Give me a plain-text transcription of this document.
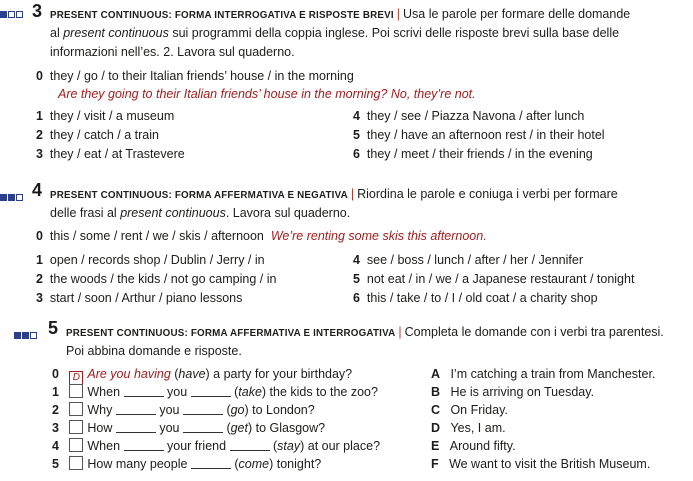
3 PRESENT CONTINUOUS: FORMA INTERROGATIVA E RISPOSTE BREVI | Usa le parole per formare delle domande
al present continuous sui programmi della coppia inglese. Poi scrivi delle risposte brevi sulla base delle
informazioni nell’es. 2. Lavora sul quaderno.
0 they / go / to their Italian friends’ house / in the morning
Are they going to their Italian friends’ house in the morning? No, they’re not.
1 they / visit / a museum
2 they / catch / a train
3 they / eat / at Trastevere
4 they / see / Piazza Navona / after lunch
5 they / have an afternoon rest / in their hotel
6 they / meet / their friends / in the evening
4 PRESENT CONTINUOUS: FORMA AFFERMATIVA E NEGATIVA | Riordina le parole e coniuga i verbi per formare
delle frasi al present continuous. Lavora sul quaderno.
0 this / some / rent / we / skis / afternoon We’re renting some skis this afternoon.
1 open / records shop / Dublin / Jerry / in
2 the woods / the kids / not go camping / in
3 start / soon / Arthur / piano lessons
4 see / boss / lunch / after / her / Jennifer
5 not eat / in / we / a Japanese restaurant / tonight
6 this / take / to / I / old coat / a charity shop
5 PRESENT CONTINUOUS: FORMA AFFERMATIVA E INTERROGATIVA | Completa le domande con i verbi tra parentesi.
Poi abbina domande e risposte.
0 D Are you having (have) a party for your birthday?
1 When	you	(take) the kids to the zoo?
2 Why	you	(go) to London?
3 How	you	(get) to Glasgow?
4 When	your friend	(stay) at our place?
5 How many people	(come) tonight?
A I’m catching a train from Manchester.
B He is arriving on Tuesday.
C On Friday.
D Yes, I am.
E Around fifty.
F We want to visit the British Museum.
